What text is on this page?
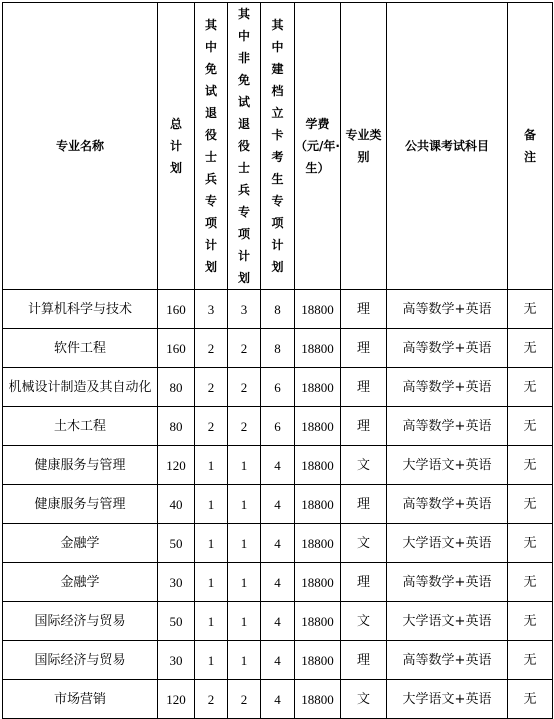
专业名称	总计划	其中免试退役士兵专项计划	其中非免试退役士兵专项计划	其中建档立卡考生专项计划	学费（元/年·生）	专业类别	公共课考试科目	备注

计算机科学与技术	160	3	3	8	18800	理	高等数学+英语	无
软件工程	160	2	2	8	18800	理	高等数学+英语	无
机械设计制造及其自动化	80	2	2	6	18800	理	高等数学+英语	无
土木工程	80	2	2	6	18800	理	高等数学+英语	无
健康服务与管理	120	1	1	4	18800	文	大学语文+英语	无
健康服务与管理	40	1	1	4	18800	理	高等数学+英语	无
金融学	50	1	1	4	18800	文	大学语文+英语	无
金融学	30	1	1	4	18800	理	高等数学+英语	无
国际经济与贸易	50	1	1	4	18800	文	大学语文+英语	无
国际经济与贸易	30	1	1	4	18800	理	高等数学+英语	无
市场营销	120	2	2	4	18800	文	大学语文+英语	无
